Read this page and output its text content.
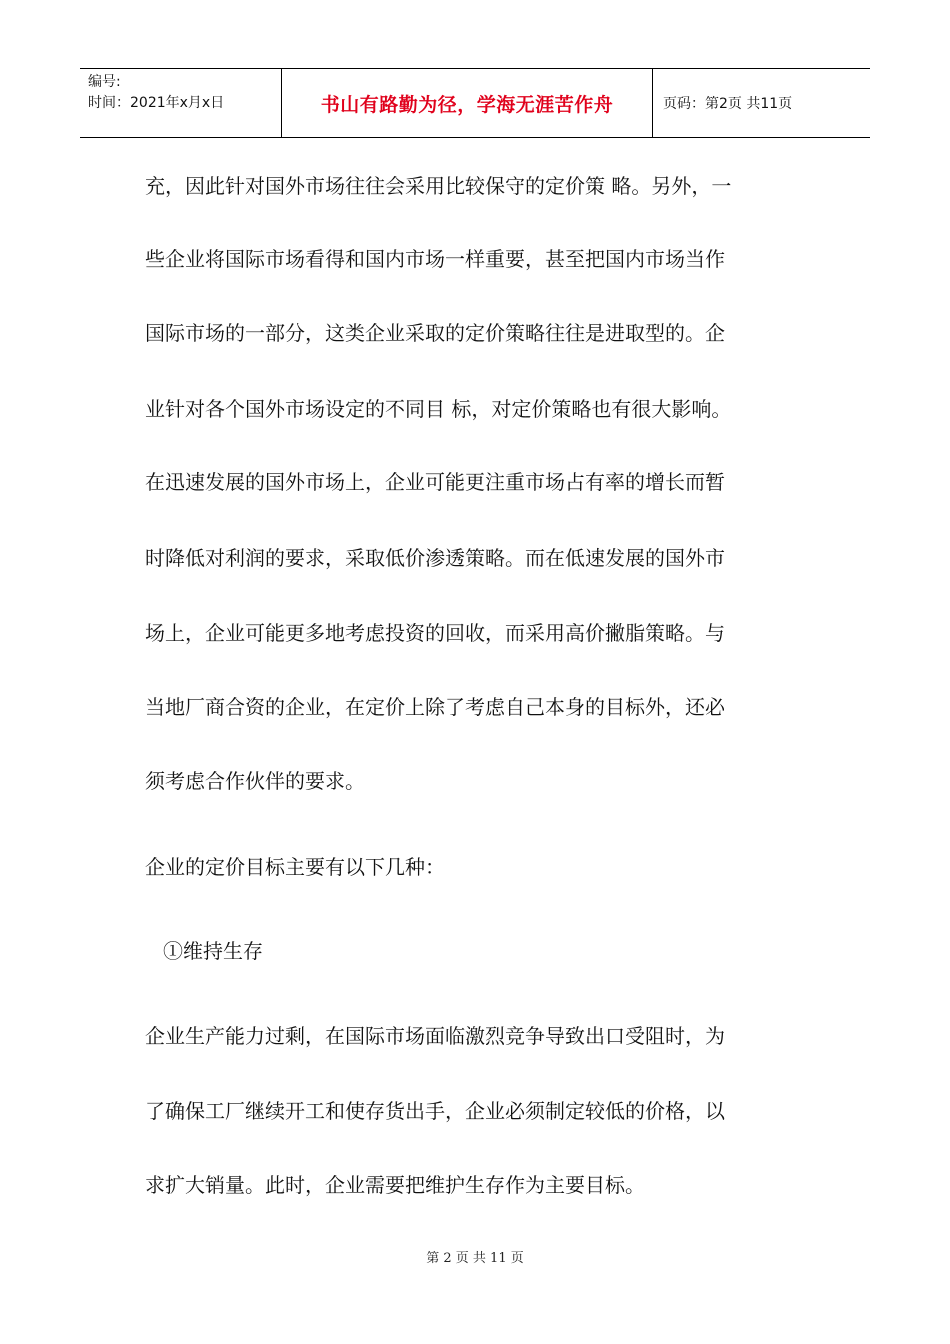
编号:
时间：2021年x月x日	书山有路勤为径，学海无涯苦作舟	页码：第2页 共11页

充，因此针对国外市场往往会采用比较保守的定价策 略。另外，一

些企业将国际市场看得和国内市场一样重要，甚至把国内市场当作

国际市场的一部分，这类企业采取的定价策略往往是进取型的。企

业针对各个国外市场设定的不同目 标，对定价策略也有很大影响。

在迅速发展的国外市场上，企业可能更注重市场占有率的增长而暂

时降低对利润的要求，采取低价渗透策略。而在低速发展的国外市

场上，企业可能更多地考虑投资的回收，而采用高价撇脂策略。与

当地厂商合资的企业，在定价上除了考虑自己本身的目标外，还必

须考虑合作伙伴的要求。

企业的定价目标主要有以下几种：

①维持生存

企业生产能力过剩，在国际市场面临激烈竞争导致出口受阻时，为

了确保工厂继续开工和使存货出手，企业必须制定较低的价格，以

求扩大销量。此时，企业需要把维护生存作为主要目标。

第 2 页 共 11 页
